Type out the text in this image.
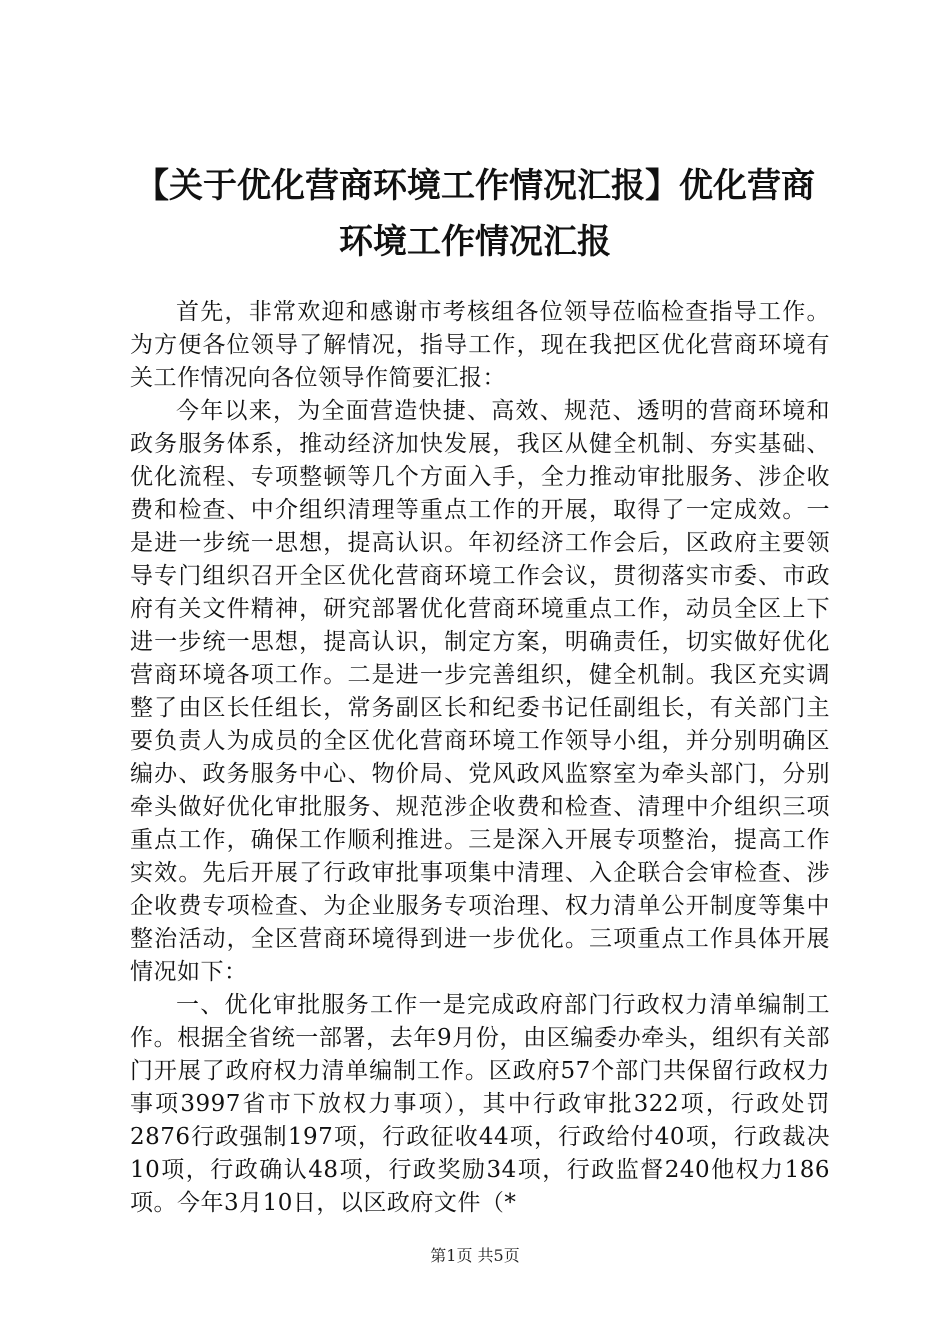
【关于优化营商环境工作情况汇报】优化营商
环境工作情况汇报

首先，非常欢迎和感谢市考核组各位领导莅临检查指导工作。为方便各位领导了解情况，指导工作，现在我把区优化营商环境有关工作情况向各位领导作简要汇报：

今年以来，为全面营造快捷、高效、规范、透明的营商环境和政务服务体系，推动经济加快发展，我区从健全机制、夯实基础、优化流程、专项整顿等几个方面入手，全力推动审批服务、涉企收费和检查、中介组织清理等重点工作的开展，取得了一定成效。一是进一步统一思想，提高认识。年初经济工作会后，区政府主要领导专门组织召开全区优化营商环境工作会议，贯彻落实市委、市政府有关文件精神，研究部署优化营商环境重点工作，动员全区上下进一步统一思想，提高认识，制定方案，明确责任，切实做好优化营商环境各项工作。二是进一步完善组织，健全机制。我区充实调整了由区长任组长，常务副区长和纪委书记任副组长，有关部门主要负责人为成员的全区优化营商环境工作领导小组，并分别明确区编办、政务服务中心、物价局、党风政风监察室为牵头部门，分别牵头做好优化审批服务、规范涉企收费和检查、清理中介组织三项重点工作，确保工作顺利推进。三是深入开展专项整治，提高工作实效。先后开展了行政审批事项集中清理、入企联合会审检查、涉企收费专项检查、为企业服务专项治理、权力清单公开制度等集中整治活动，全区营商环境得到进一步优化。三项重点工作具体开展情况如下：

一、优化审批服务工作一是完成政府部门行政权力清单编制工作。根据全省统一部署，去年9月份，由区编委办牵头，组织有关部门开展了政府权力清单编制工作。区政府57个部门共保留行政权力事项3997省市下放权力事项），其中行政审批322项，行政处罚2876行政强制197项，行政征收44项，行政给付40项，行政裁决10项，行政确认48项，行政奖励34项，行政监督240他权力186项。今年3月10日，以区政府文件（*

第1页 共5页
